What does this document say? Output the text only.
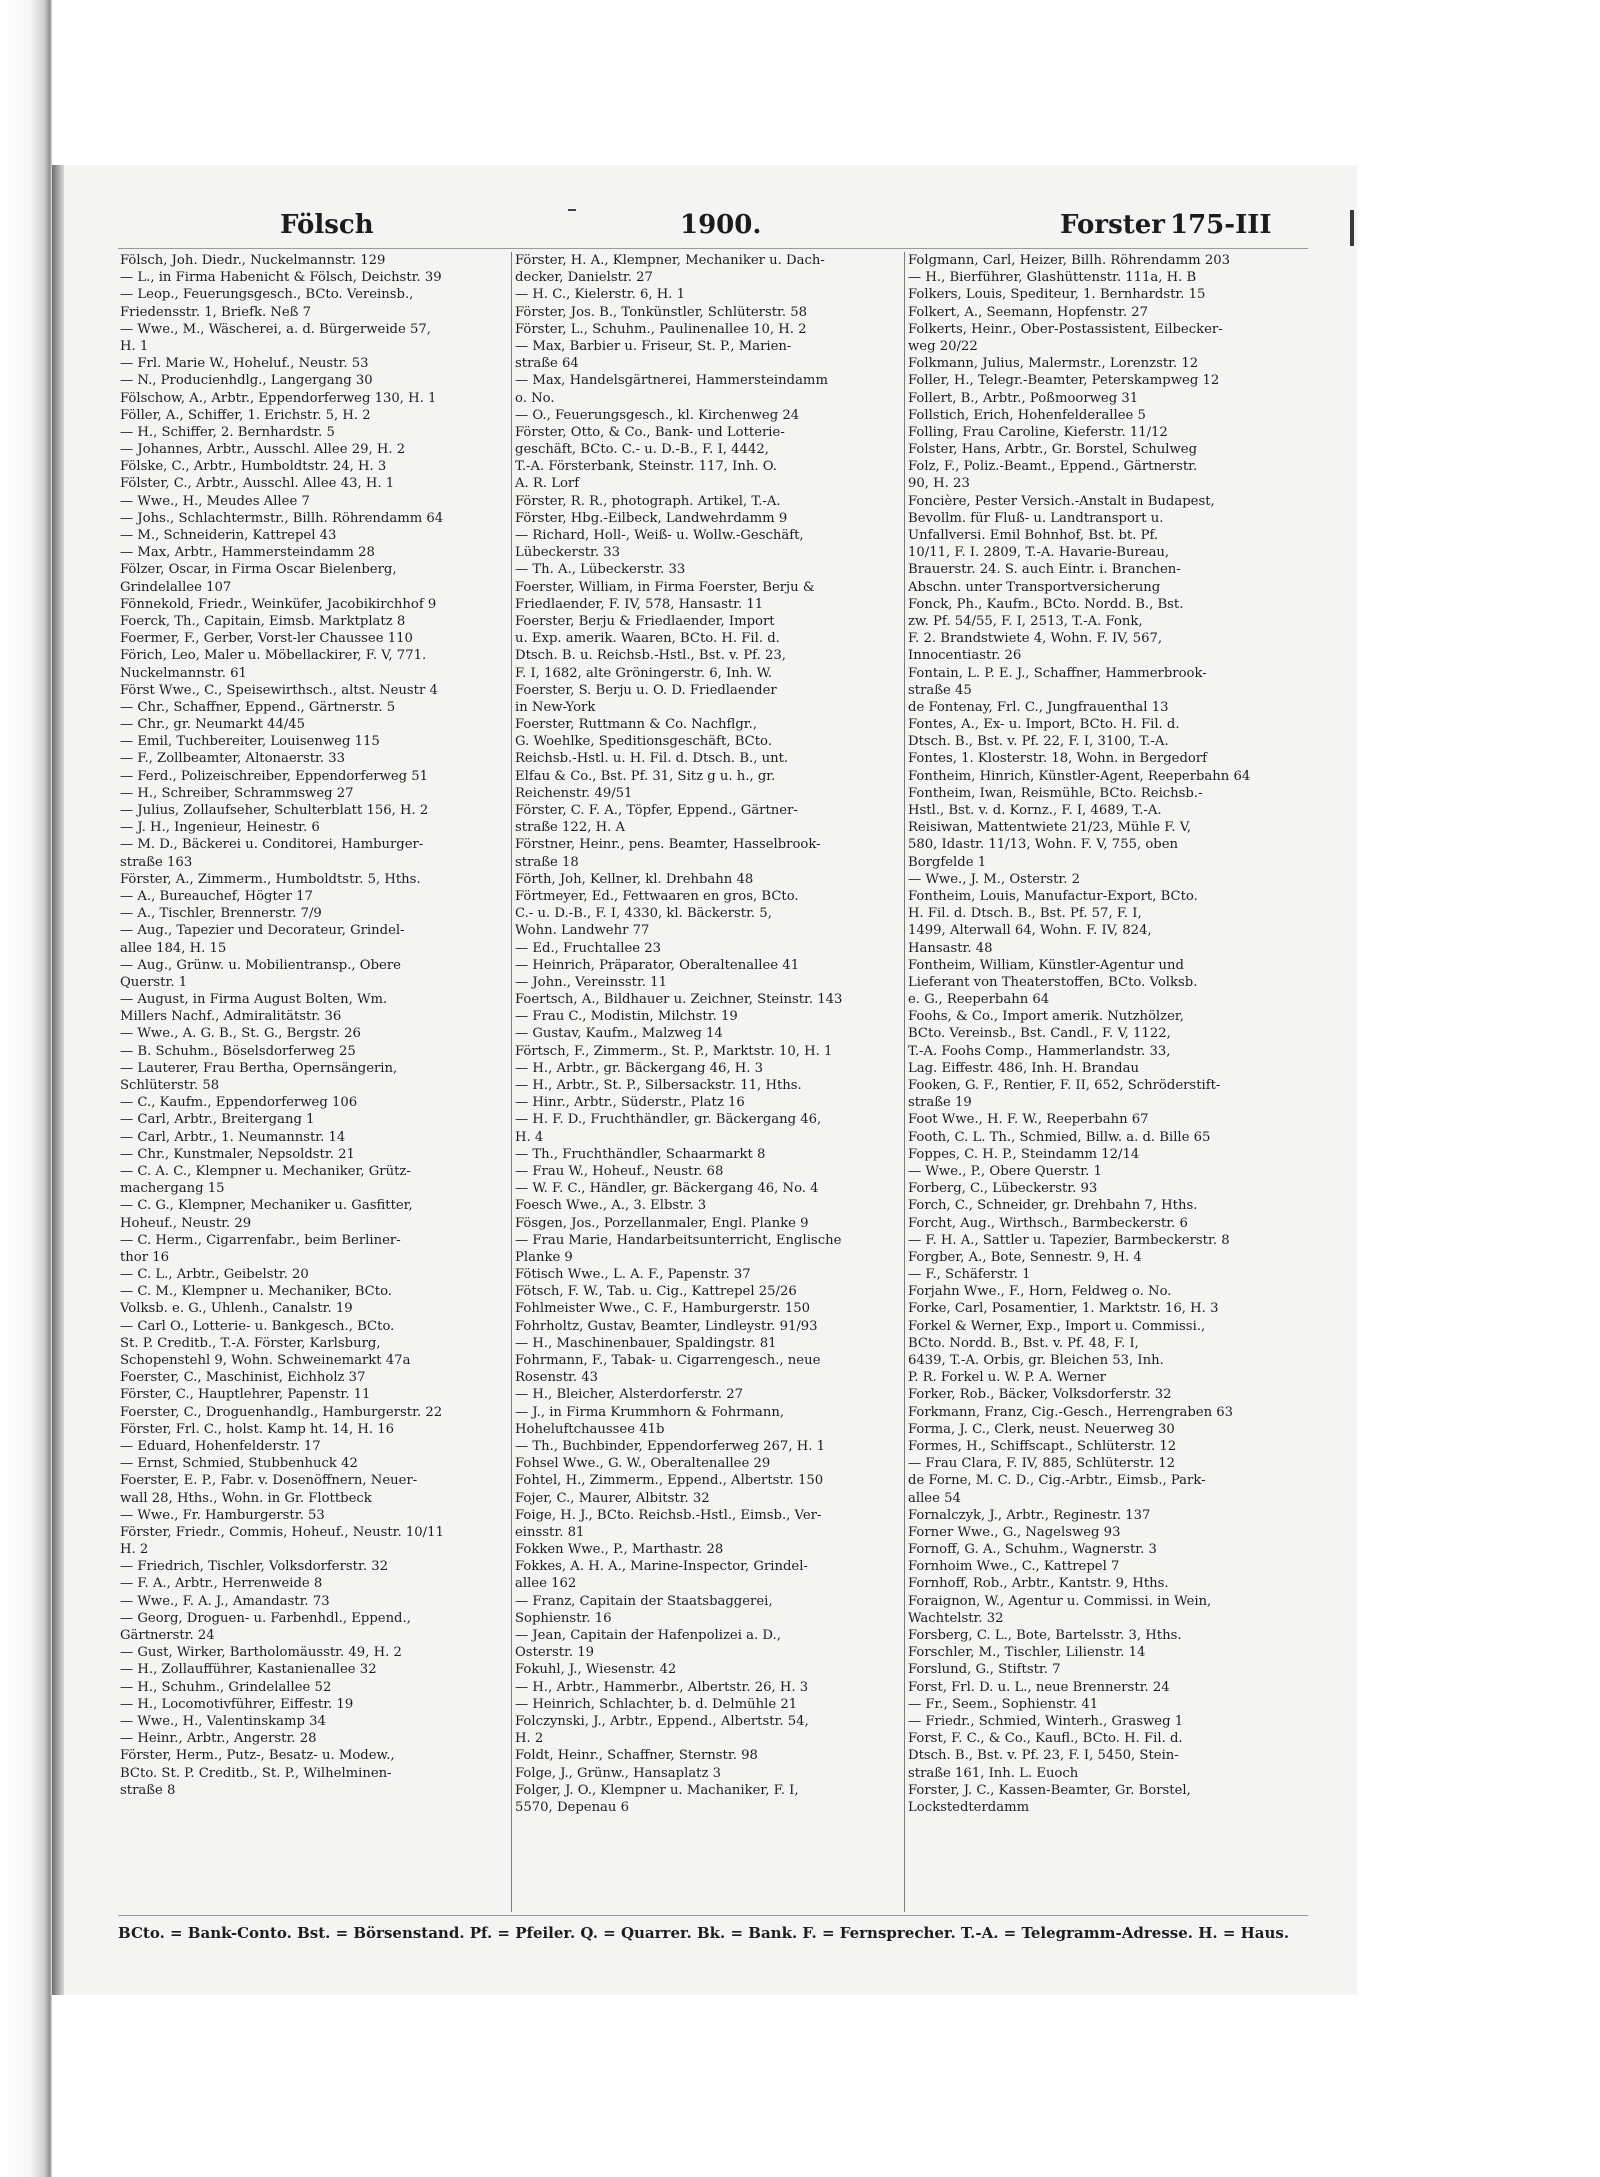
Fölsch	1900.	Forster 175-III
Fölsch, Joh. Diedr., Nuckelmannstr. 129
— L., in Firma Habenicht & Fölsch, Deichstr. 39
— Leop., Feuerungsgesch., BCto. Vereinsb.,
Friedensstr. 1, Briefk. Neß 7
— Wwe., M., Wäscherei, a. d. Bürgerweide 57,
H. 1
— Frl. Marie W., Hoheluf., Neustr. 53
— N., Producienhdlg., Langergang 30
Fölschow, A., Arbtr., Eppendorferweg 130, H. 1
Föller, A., Schiffer, 1. Erichstr. 5, H. 2
— H., Schiffer, 2. Bernhardstr. 5
— Johannes, Arbtr., Ausschl. Allee 29, H. 2
Fölske, C., Arbtr., Humboldtstr. 24, H. 3
Fölster, C., Arbtr., Ausschl. Allee 43, H. 1
— Wwe., H., Meudes Allee 7
— Johs., Schlachtermstr., Billh. Röhrendamm 64
— M., Schneiderin, Kattrepel 43
— Max, Arbtr., Hammersteindamm 28
Fölzer, Oscar, in Firma Oscar Bielenberg,
Grindelallee 107
Fönnekold, Friedr., Weinküfer, Jacobikirchhof 9
Foerck, Th., Capitain, Eimsb. Marktplatz 8
Foermer, F., Gerber, Vorst-ler Chaussee 110
Förich, Leo, Maler u. Möbellackirer, F. V, 771.
Nuckelmannstr. 61
Först Wwe., C., Speisewirthsch., altst. Neustr 4
— Chr., Schaffner, Eppend., Gärtnerstr. 5
— Chr., gr. Neumarkt 44/45
— Emil, Tuchbereiter, Louisenweg 115
— F., Zollbeamter, Altonaerstr. 33
— Ferd., Polizeischreiber, Eppendorferweg 51
— H., Schreiber, Schrammsweg 27
— Julius, Zollaufseher, Schulterblatt 156, H. 2
— J. H., Ingenieur, Heinestr. 6
— M. D., Bäckerei u. Conditorei, Hamburger-
straße 163
Förster, A., Zimmerm., Humboldtstr. 5, Hths.
— A., Bureauchef, Högter 17
— A., Tischler, Brennerstr. 7/9
— Aug., Tapezier und Decorateur, Grindel-
allee 184, H. 15
— Aug., Grünw. u. Mobilientransp., Obere
Querstr. 1
— August, in Firma August Bolten, Wm.
Millers Nachf., Admiralitätstr. 36
— Wwe., A. G. B., St. G., Bergstr. 26
— B. Schuhm., Böselsdorferweg 25
— Lauterer, Frau Bertha, Opernsängerin,
Schlüterstr. 58
— C., Kaufm., Eppendorferweg 106
— Carl, Arbtr., Breitergang 1
— Carl, Arbtr., 1. Neumannstr. 14
— Chr., Kunstmaler, Nepsoldstr. 21
— C. A. C., Klempner u. Mechaniker, Grütz-
machergang 15
— C. G., Klempner, Mechaniker u. Gasfitter,
Hoheuf., Neustr. 29
— C. Herm., Cigarrenfabr., beim Berliner-
thor 16
— C. L., Arbtr., Geibelstr. 20
— C. M., Klempner u. Mechaniker, BCto.
Volksb. e. G., Uhlenh., Canalstr. 19
— Carl O., Lotterie- u. Bankgesch., BCto.
St. P. Creditb., T.-A. Förster, Karlsburg,
Schopenstehl 9, Wohn. Schweinemarkt 47a
Foerster, C., Maschinist, Eichholz 37
Förster, C., Hauptlehrer, Papenstr. 11
Foerster, C., Droguenhandlg., Hamburgerstr. 22
Förster, Frl. C., holst. Kamp ht. 14, H. 16
— Eduard, Hohenfelderstr. 17
— Ernst, Schmied, Stubbenhuck 42
Foerster, E. P., Fabr. v. Dosenöffnern, Neuer-
wall 28, Hths., Wohn. in Gr. Flottbeck
— Wwe., Fr. Hamburgerstr. 53
Förster, Friedr., Commis, Hoheuf., Neustr. 10/11
H. 2
— Friedrich, Tischler, Volksdorferstr. 32
— F. A., Arbtr., Herrenweide 8
— Wwe., F. A. J., Amandastr. 73
— Georg, Droguen- u. Farbenhdl., Eppend.,
Gärtnerstr. 24
— Gust, Wirker, Bartholomäusstr. 49, H. 2
— H., Zollaufführer, Kastanienallee 32
— H., Schuhm., Grindelallee 52
— H., Locomotivführer, Eiffestr. 19
— Wwe., H., Valentinskamp 34
— Heinr., Arbtr., Angerstr. 28
Förster, Herm., Putz-, Besatz- u. Modew.,
BCto. St. P. Creditb., St. P., Wilhelminen-
straße 8
Förster, H. A., Klempner, Mechaniker u. Dach-
decker, Danielstr. 27
— H. C., Kielerstr. 6, H. 1
Förster, Jos. B., Tonkünstler, Schlüterstr. 58
Förster, L., Schuhm., Paulinenallee 10, H. 2
— Max, Barbier u. Friseur, St. P., Marien-
straße 64
— Max, Handelsgärtnerei, Hammersteindamm
o. No.
— O., Feuerungsgesch., kl. Kirchenweg 24
Förster, Otto, & Co., Bank- und Lotterie-
geschäft, BCto. C.- u. D.-B., F. I, 4442,
T.-A. Försterbank, Steinstr. 117, Inh. O.
A. R. Lorf
Förster, R. R., photograph. Artikel, T.-A.
Förster, Hbg.-Eilbeck, Landwehrdamm 9
— Richard, Holl-, Weiß- u. Wollw.-Geschäft,
Lübeckerstr. 33
— Th. A., Lübeckerstr. 33
Foerster, William, in Firma Foerster, Berju &
Friedlaender, F. IV, 578, Hansastr. 11
Foerster, Berju & Friedlaender, Import
u. Exp. amerik. Waaren, BCto. H. Fil. d.
Dtsch. B. u. Reichsb.-Hstl., Bst. v. Pf. 23,
F. I, 1682, alte Gröningerstr. 6, Inh. W.
Foerster, S. Berju u. O. D. Friedlaender
in New-York
Foerster, Ruttmann & Co. Nachflgr.,
G. Woehlke, Speditionsgeschäft, BCto.
Reichsb.-Hstl. u. H. Fil. d. Dtsch. B., unt.
Elfau & Co., Bst. Pf. 31, Sitz g u. h., gr.
Reichenstr. 49/51
Förster, C. F. A., Töpfer, Eppend., Gärtner-
straße 122, H. A
Förstner, Heinr., pens. Beamter, Hasselbrook-
straße 18
Förth, Joh, Kellner, kl. Drehbahn 48
Förtmeyer, Ed., Fettwaaren en gros, BCto.
C.- u. D.-B., F. I, 4330, kl. Bäckerstr. 5,
Wohn. Landwehr 77
— Ed., Fruchtallee 23
— Heinrich, Präparator, Oberaltenallee 41
— John., Vereinsstr. 11
Foertsch, A., Bildhauer u. Zeichner, Steinstr. 143
— Frau C., Modistin, Milchstr. 19
— Gustav, Kaufm., Malzweg 14
Förtsch, F., Zimmerm., St. P., Marktstr. 10, H. 1
— H., Arbtr., gr. Bäckergang 46, H. 3
— H., Arbtr., St. P., Silbersackstr. 11, Hths.
— Hinr., Arbtr., Süderstr., Platz 16
— H. F. D., Fruchthändler, gr. Bäckergang 46,
H. 4
— Th., Fruchthändler, Schaarmarkt 8
— Frau W., Hoheuf., Neustr. 68
— W. F. C., Händler, gr. Bäckergang 46, No. 4
Foesch Wwe., A., 3. Elbstr. 3
Fösgen, Jos., Porzellanmaler, Engl. Planke 9
— Frau Marie, Handarbeitsunterricht, Englische
Planke 9
Fötisch Wwe., L. A. F., Papenstr. 37
Fötsch, F. W., Tab. u. Cig., Kattrepel 25/26
Fohlmeister Wwe., C. F., Hamburgerstr. 150
Fohrholtz, Gustav, Beamter, Lindleystr. 91/93
— H., Maschinenbauer, Spaldingstr. 81
Fohrmann, F., Tabak- u. Cigarrengesch., neue
Rosenstr. 43
— H., Bleicher, Alsterdorferstr. 27
— J., in Firma Krummhorn & Fohrmann,
Hoheluftchaussee 41b
— Th., Buchbinder, Eppendorferweg 267, H. 1
Fohsel Wwe., G. W., Oberaltenallee 29
Fohtel, H., Zimmerm., Eppend., Albertstr. 150
Fojer, C., Maurer, Albitstr. 32
Foige, H. J., BCto. Reichsb.-Hstl., Eimsb., Ver-
einsstr. 81
Fokken Wwe., P., Marthastr. 28
Fokkes, A. H. A., Marine-Inspector, Grindel-
allee 162
— Franz, Capitain der Staatsbaggerei,
Sophienstr. 16
— Jean, Capitain der Hafenpolizei a. D.,
Osterstr. 19
Fokuhl, J., Wiesenstr. 42
— H., Arbtr., Hammerbr., Albertstr. 26, H. 3
— Heinrich, Schlachter, b. d. Delmühle 21
Folczynski, J., Arbtr., Eppend., Albertstr. 54,
H. 2
Foldt, Heinr., Schaffner, Sternstr. 98
Folge, J., Grünw., Hansaplatz 3
Folger, J. O., Klempner u. Machaniker, F. I,
5570, Depenau 6
Folgmann, Carl, Heizer, Billh. Röhrendamm 203
— H., Bierführer, Glashüttenstr. 111a, H. B
Folkers, Louis, Spediteur, 1. Bernhardstr. 15
Folkert, A., Seemann, Hopfenstr. 27
Folkerts, Heinr., Ober-Postassistent, Eilbecker-
weg 20/22
Folkmann, Julius, Malermstr., Lorenzstr. 12
Foller, H., Telegr.-Beamter, Peterskampweg 12
Follert, B., Arbtr., Poßmoorweg 31
Follstich, Erich, Hohenfelderallee 5
Folling, Frau Caroline, Kieferstr. 11/12
Folster, Hans, Arbtr., Gr. Borstel, Schulweg
Folz, F., Poliz.-Beamt., Eppend., Gärtnerstr.
90, H. 23
Foncière, Pester Versich.-Anstalt in Budapest,
Bevollm. für Fluß- u. Landtransport u.
Unfallversi. Emil Bohnhof, Bst. bt. Pf.
10/11, F. I. 2809, T.-A. Havarie-Bureau,
Brauerstr. 24. S. auch Eintr. i. Branchen-
Abschn. unter Transportversicherung
Fonck, Ph., Kaufm., BCto. Nordd. B., Bst.
zw. Pf. 54/55, F. I, 2513, T.-A. Fonk,
F. 2. Brandstwiete 4, Wohn. F. IV, 567,
Innocentiastr. 26
Fontain, L. P. E. J., Schaffner, Hammerbrook-
straße 45
de Fontenay, Frl. C., Jungfrauenthal 13
Fontes, A., Ex- u. Import, BCto. H. Fil. d.
Dtsch. B., Bst. v. Pf. 22, F. I, 3100, T.-A.
Fontes, 1. Klosterstr. 18, Wohn. in Bergedorf
Fontheim, Hinrich, Künstler-Agent, Reeperbahn 64
Fontheim, Iwan, Reismühle, BCto. Reichsb.-
Hstl., Bst. v. d. Kornz., F. I, 4689, T.-A.
Reisiwan, Mattentwiete 21/23, Mühle F. V,
580, Idastr. 11/13, Wohn. F. V, 755, oben
Borgfelde 1
— Wwe., J. M., Osterstr. 2
Fontheim, Louis, Manufactur-Export, BCto.
H. Fil. d. Dtsch. B., Bst. Pf. 57, F. I,
1499, Alterwall 64, Wohn. F. IV, 824,
Hansastr. 48
Fontheim, William, Künstler-Agentur und
Lieferant von Theaterstoffen, BCto. Volksb.
e. G., Reeperbahn 64
Foohs, & Co., Import amerik. Nutzhölzer,
BCto. Vereinsb., Bst. Candl., F. V, 1122,
T.-A. Foohs Comp., Hammerlandstr. 33,
Lag. Eiffestr. 486, Inh. H. Brandau
Fooken, G. F., Rentier, F. II, 652, Schröderstift-
straße 19
Foot Wwe., H. F. W., Reeperbahn 67
Footh, C. L. Th., Schmied, Billw. a. d. Bille 65
Foppes, C. H. P., Steindamm 12/14
— Wwe., P., Obere Querstr. 1
Forberg, C., Lübeckerstr. 93
Forch, C., Schneider, gr. Drehbahn 7, Hths.
Forcht, Aug., Wirthsch., Barmbeckerstr. 6
— F. H. A., Sattler u. Tapezier, Barmbeckerstr. 8
Forgber, A., Bote, Sennestr. 9, H. 4
— F., Schäferstr. 1
Forjahn Wwe., F., Horn, Feldweg o. No.
Forke, Carl, Posamentier, 1. Marktstr. 16, H. 3
Forkel & Werner, Exp., Import u. Commissi.,
BCto. Nordd. B., Bst. v. Pf. 48, F. I,
6439, T.-A. Orbis, gr. Bleichen 53, Inh.
P. R. Forkel u. W. P. A. Werner
Forker, Rob., Bäcker, Volksdorferstr. 32
Forkmann, Franz, Cig.-Gesch., Herrengraben 63
Forma, J. C., Clerk, neust. Neuerweg 30
Formes, H., Schiffscapt., Schlüterstr. 12
— Frau Clara, F. IV, 885, Schlüterstr. 12
de Forne, M. C. D., Cig.-Arbtr., Eimsb., Park-
allee 54
Fornalczyk, J., Arbtr., Reginestr. 137
Forner Wwe., G., Nagelsweg 93
Fornoff, G. A., Schuhm., Wagnerstr. 3
Fornhoim Wwe., C., Kattrepel 7
Fornhoff, Rob., Arbtr., Kantstr. 9, Hths.
Foraignon, W., Agentur u. Commissi. in Wein,
Wachtelstr. 32
Forsberg, C. L., Bote, Bartelsstr. 3, Hths.
Forschler, M., Tischler, Lilienstr. 14
Forslund, G., Stiftstr. 7
Forst, Frl. D. u. L., neue Brennerstr. 24
— Fr., Seem., Sophienstr. 41
— Friedr., Schmied, Winterh., Grasweg 1
Forst, F. C., & Co., Kaufl., BCto. H. Fil. d.
Dtsch. B., Bst. v. Pf. 23, F. I, 5450, Stein-
straße 161, Inh. L. Euoch
Forster, J. C., Kassen-Beamter, Gr. Borstel,
Lockstedterdamm
BCto. = Bank-Conto. Bst. = Börsenstand. Pf. = Pfeiler. Q. = Quarrer. Bk. = Bank. F. = Fernsprecher. T.-A. = Telegramm-Adresse. H. = Haus.
